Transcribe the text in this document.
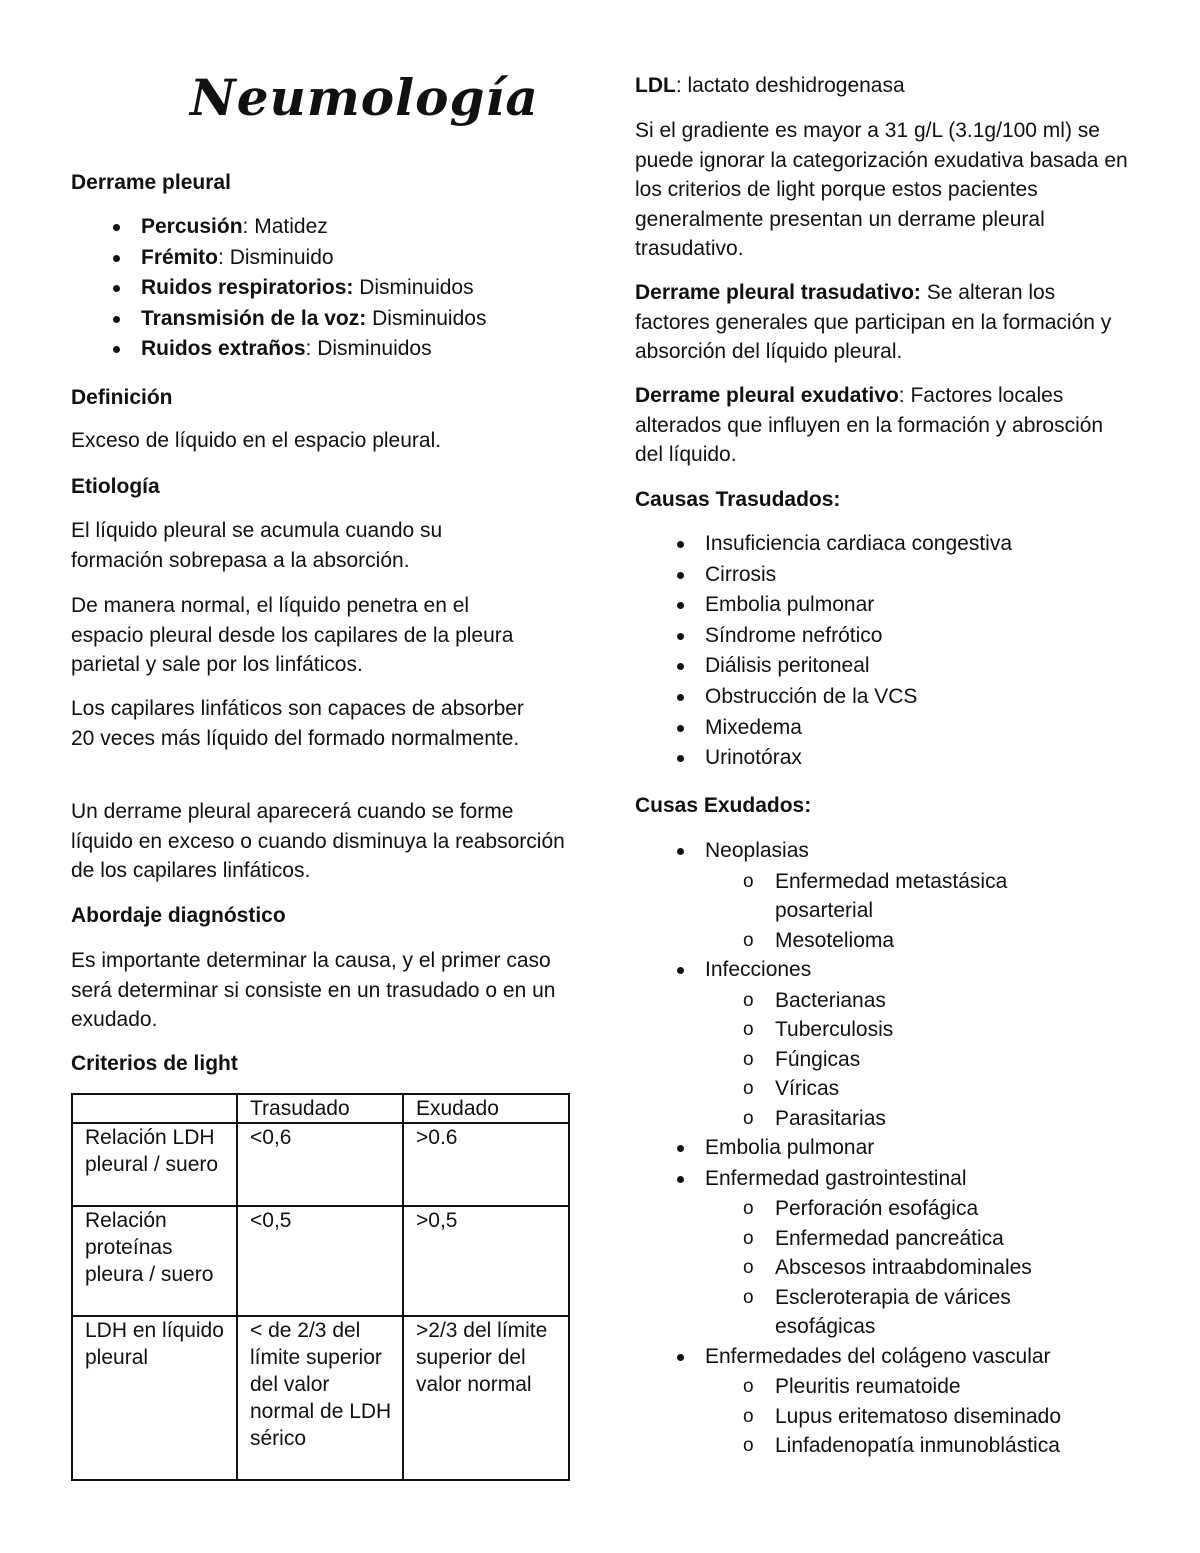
Neumología
Derrame pleural
Percusión: Matidez
Frémito: Disminuido
Ruidos respiratorios: Disminuidos
Transmisión de la voz: Disminuidos
Ruidos extraños: Disminuidos
Definición

Exceso de líquido en el espacio pleural.

Etiología

El líquido pleural se acumula cuando su formación sobrepasa a la absorción.

De manera normal, el líquido penetra en el espacio pleural desde los capilares de la pleura parietal y sale por los linfáticos.

Los capilares linfáticos son capaces de absorber 20 veces más líquido del formado normalmente.

Un derrame pleural aparecerá cuando se forme líquido en exceso o cuando disminuya la reabsorción de los capilares linfáticos.

Abordaje diagnóstico

Es importante determinar la causa, y el primer caso será determinar si consiste en un trasudado o en un exudado.

Criterios de light
	Trasudado	Exudado
Relación LDH pleural / suero	<0,6	>0.6
Relación proteínas pleura / suero	<0,5	>0,5
LDH en líquido pleural	< de 2/3 del límite superior del valor normal de LDH sérico	>2/3 del límite superior del valor normal

LDL: lactato deshidrogenasa

Si el gradiente es mayor a 31 g/L (3.1g/100 ml) se puede ignorar la categorización exudativa basada en los criterios de light porque estos pacientes generalmente presentan un derrame pleural trasudativo.

Derrame pleural trasudativo: Se alteran los factores generales que participan en la formación y absorción del líquido pleural.

Derrame pleural exudativo: Factores locales alterados que influyen en la formación y abrosción del líquido.

Causas Trasudados:
Insuficiencia cardiaca congestiva
Cirrosis
Embolia pulmonar
Síndrome nefrótico
Diálisis peritoneal
Obstrucción de la VCS
Mixedema
Urinotórax
Cusas Exudados:
Neoplasias
o Enfermedad metastásica posarterial
o Mesotelioma
Infecciones
o Bacterianas
o Tuberculosis
o Fúngicas
o Víricas
o Parasitarias
Embolia pulmonar
Enfermedad gastrointestinal
o Perforación esofágica
o Enfermedad pancreática
o Abscesos intraabdominales
o Escleroterapia de várices esofágicas
Enfermedades del colágeno vascular
o Pleuritis reumatoide
o Lupus eritematoso diseminado
o Linfadenopatía inmunoblástica
